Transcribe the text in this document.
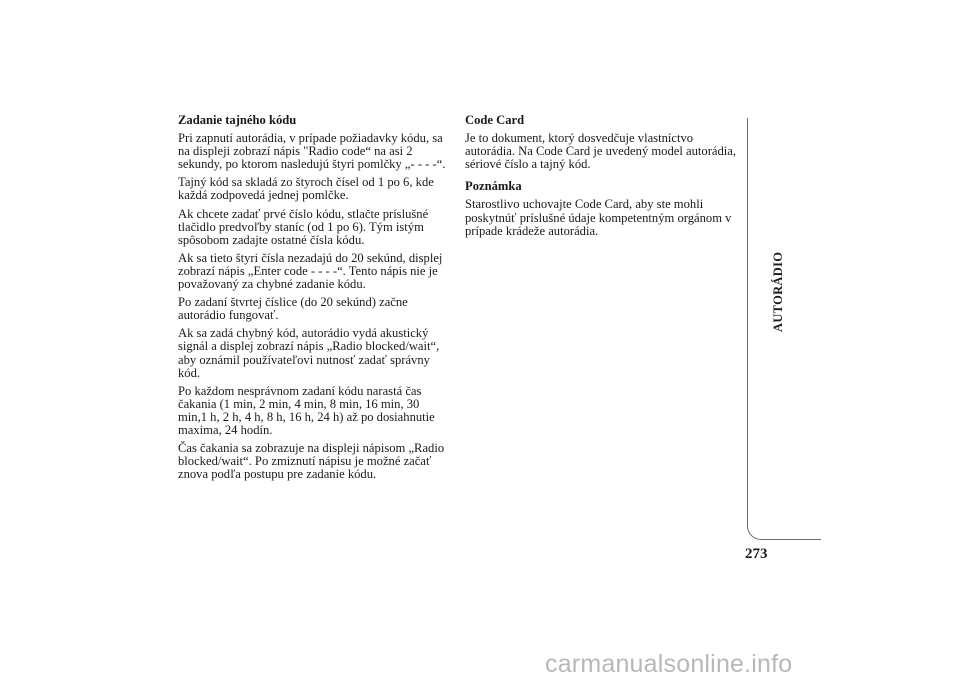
Zadanie tajného kódu
Pri zapnutí autorádia, v prípade požiadavky kódu, sa na displeji zobrazí nápis "Radio code“ na asi 2 sekundy, po ktorom nasledujú štyri pomlčky „- - - -“.
Tajný kód sa skladá zo štyroch čísel od 1 po 6, kde každá zodpovedá jednej pomlčke.
Ak chcete zadať prvé číslo kódu, stlačte príslušné tlačidlo predvoľby staníc (od 1 po 6). Tým istým spôsobom zadajte ostatné čísla kódu.
Ak sa tieto štyri čísla nezadajú do 20 sekúnd, displej zobrazí nápis „Enter code - - - -“. Tento nápis nie je považovaný za chybné zadanie kódu.
Po zadaní štvrtej číslice (do 20 sekúnd) začne autorádio fungovať.
Ak sa zadá chybný kód, autorádio vydá akustický signál a displej zobrazí nápis „Radio blocked/wait“, aby oznámil používateľovi nutnosť zadať správny kód.
Po každom nesprávnom zadaní kódu narastá čas čakania (1 min, 2 min, 4 min, 8 min, 16 min, 30 min,1 h, 2 h, 4 h, 8 h, 16 h, 24 h) až po dosiahnutie maxima, 24 hodín.
Čas čakania sa zobrazuje na displeji nápisom „Radio blocked/wait“. Po zmiznutí nápisu je možné začať znova podľa postupu pre zadanie kódu.
Code Card
Je to dokument, ktorý dosvedčuje vlastníctvo autorádia. Na Code Card je uvedený model autorádia, sériové číslo a tajný kód.
Poznámka
Starostlivo uchovajte Code Card, aby ste mohli poskytnúť príslušné údaje kompetentným orgánom v prípade krádeže autorádia.
AUTORÁDIO
273
carmanualsonline.info
